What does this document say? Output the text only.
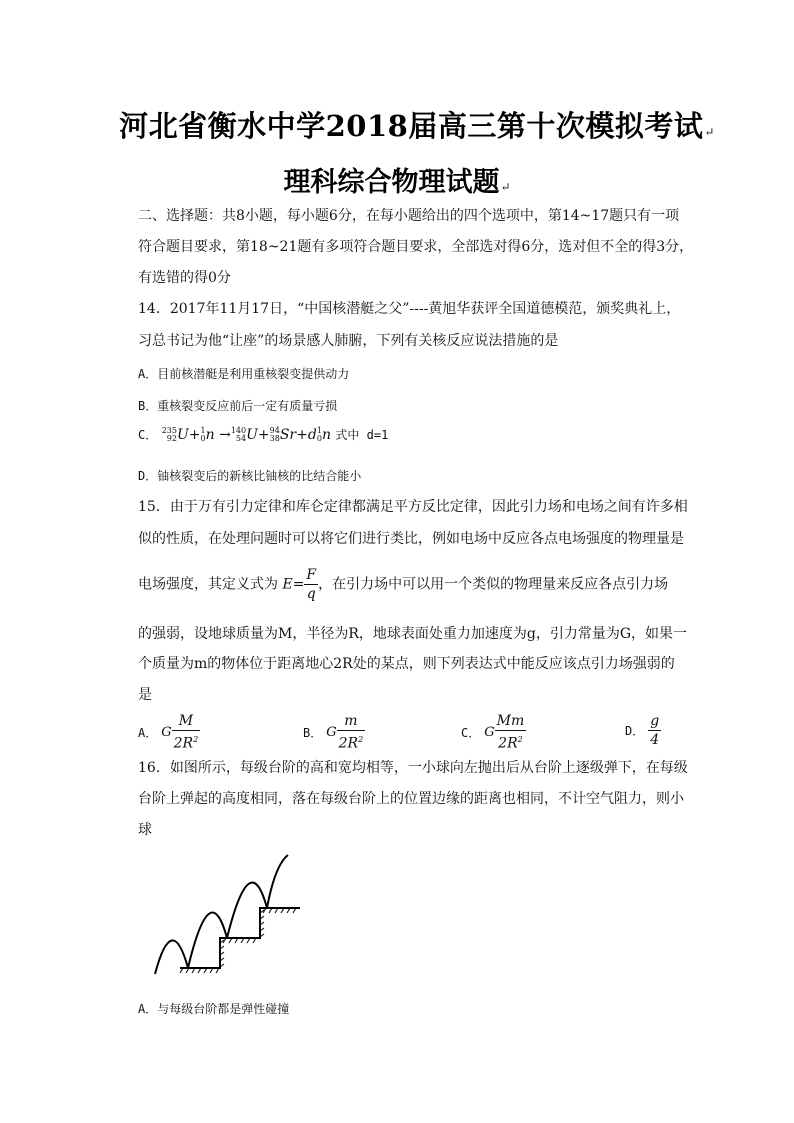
河北省衡水中学2018届高三第十次模拟考试↵
理科综合物理试题↵
二、选择题：共8小题，每小题6分，在每小题给出的四个选项中，第14~17题只有一项
符合题目要求，第18~21题有多项符合题目要求，全部选对得6分，选对但不全的得3分，
有选错的得0分
14．2017年11月17日，“中国核潜艇之父”----黄旭华获评全国道德模范，颁奖典礼上，
习总书记为他“让座”的场景感人肺腑，下列有关核反应说法措施的是
A．目前核潜艇是利用重核裂变提供动力
B．重核裂变反应前后一定有质量亏损
C． 235
92 U+ 1
0 n → 140
54 U+ 94
38 Sr+d 1
0 n 式中 d=1
D．铀核裂变后的新核比铀核的比结合能小
15．由于万有引力定律和库仑定律都满足平方反比定律，因此引力场和电场之间有许多相
似的性质，在处理问题时可以将它们进行类比，例如电场中反应各点电场强度的物理量是
电场强度，其定义式为 $E= \frac{F}{q}$ ，在引力场中可以用一个类似的物理量来反应各点引力场
的强弱，设地球质量为M，半径为R，地球表面处重力加速度为g，引力常量为G，如果一
个质量为m的物体位于距离地心2R处的某点，则下列表达式中能反应该点引力场强弱的
是
A． G $\frac{M}{2R^2}$	B． G $\frac{m}{2R^2}$	C． G $\frac{Mm}{2R^2}$	D． $\frac{g}{4}$
16．如图所示，每级台阶的高和宽均相等，一小球向左抛出后从台阶上逐级弹下，在每级
台阶上弹起的高度相同，落在每级台阶上的位置边缘的距离也相同，不计空气阻力，则小
球
A．与每级台阶都是弹性碰撞
